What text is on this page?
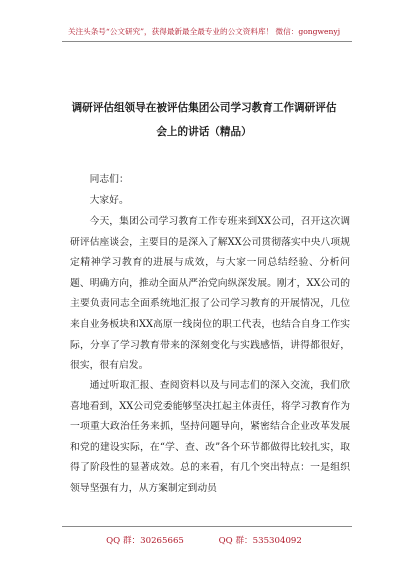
关注头条号“公文研究”，获得最新最全最专业的公文资料库！ 微信：gongwenyj
调研评估组领导在被评估集团公司学习教育工作调研评估
会上的讲话（精品）

同志们：

大家好。

今天，集团公司学习教育工作专班来到XX公司，召开这次调研评估座谈会，主要目的是深入了解XX公司贯彻落实中央八项规定精神学习教育的进展与成效，与大家一同总结经验、分析问题、明确方向，推动全面从严治党向纵深发展。刚才，XX公司的主要负责同志全面系统地汇报了公司学习教育的开展情况，几位来自业务板块和XX高原一线岗位的职工代表，也结合自身工作实际，分享了学习教育带来的深刻变化与实践感悟，讲得都很好，很实，很有启发。

通过听取汇报、查阅资料以及与同志们的深入交流，我们欣喜地看到，XX公司党委能够坚决扛起主体责任，将学习教育作为一项重大政治任务来抓，坚持问题导向，紧密结合企业改革发展和党的建设实际，在“学、查、改”各个环节都做得比较扎实，取得了阶段性的显著成效。总的来看，有几个突出特点：一是组织领导坚强有力，从方案制定到动员

QQ 群：30265665	QQ 群：535304092
